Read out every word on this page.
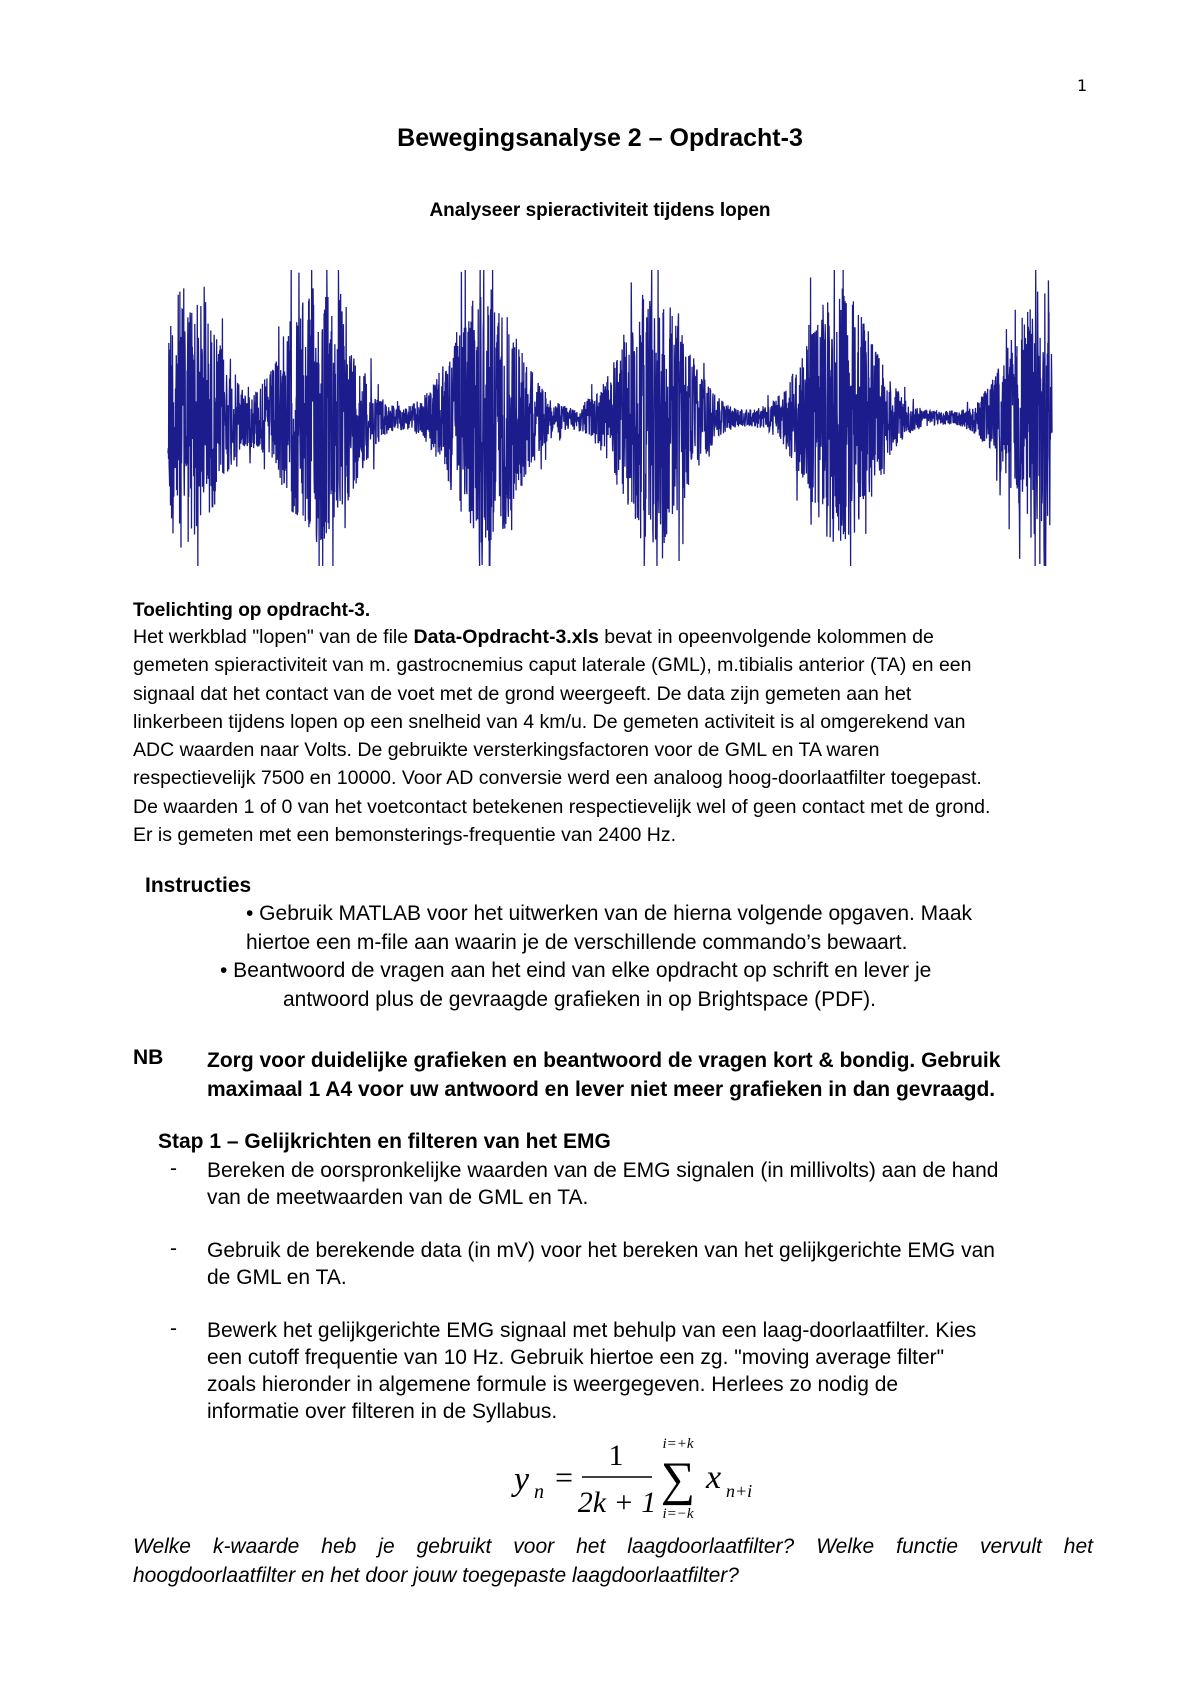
1
Bewegingsanalyse 2 – Opdracht-3
Analyseer spieractiviteit tijdens lopen
Toelichting op opdracht-3.
Het werkblad "lopen" van de file Data-Opdracht-3.xls bevat in opeenvolgende kolommen de
gemeten spieractiviteit van m. gastrocnemius caput laterale (GML), m.tibialis anterior (TA) en een
signaal dat het contact van de voet met de grond weergeeft. De data zijn gemeten aan het
linkerbeen tijdens lopen op een snelheid van 4 km/u. De gemeten activiteit is al omgerekend van
ADC waarden naar Volts. De gebruikte versterkingsfactoren voor de GML en TA waren
respectievelijk 7500 en 10000. Voor AD conversie werd een analoog hoog-doorlaatfilter toegepast.
De waarden 1 of 0 van het voetcontact betekenen respectievelijk wel of geen contact met de grond.
Er is gemeten met een bemonsterings-frequentie van 2400 Hz.
Instructies
• Gebruik MATLAB voor het uitwerken van de hierna volgende opgaven. Maak
hiertoe een m-file aan waarin je de verschillende commando’s bewaart.
• Beantwoord de vragen aan het eind van elke opdracht op schrift en lever je
antwoord plus de gevraagde grafieken in op Brightspace (PDF).
NB Zorg voor duidelijke grafieken en beantwoord de vragen kort & bondig. Gebruik
maximaal 1 A4 voor uw antwoord en lever niet meer grafieken in dan gevraagd.
Stap 1 – Gelijkrichten en filteren van het EMG
- Bereken de oorspronkelijke waarden van de EMG signalen (in millivolts) aan de hand
van de meetwaarden van de GML en TA.
- Gebruik de berekende data (in mV) voor het bereken van het gelijkgerichte EMG van
de GML en TA.
- Bewerk het gelijkgerichte EMG signaal met behulp van een laag-doorlaatfilter. Kies
een cutoff frequentie van 10 Hz. Gebruik hiertoe een zg. "moving average filter"
zoals hieronder in algemene formule is weergegeven. Herlees zo nodig de
informatie over filteren in de Syllabus.
y n =
1
2k + 1
i=+k
∑
i=−k
x n+i
Welke k-waarde heb je gebruikt voor het laagdoorlaatfilter? Welke functie vervult het
hoogdoorlaatfilter en het door jouw toegepaste laagdoorlaatfilter?
